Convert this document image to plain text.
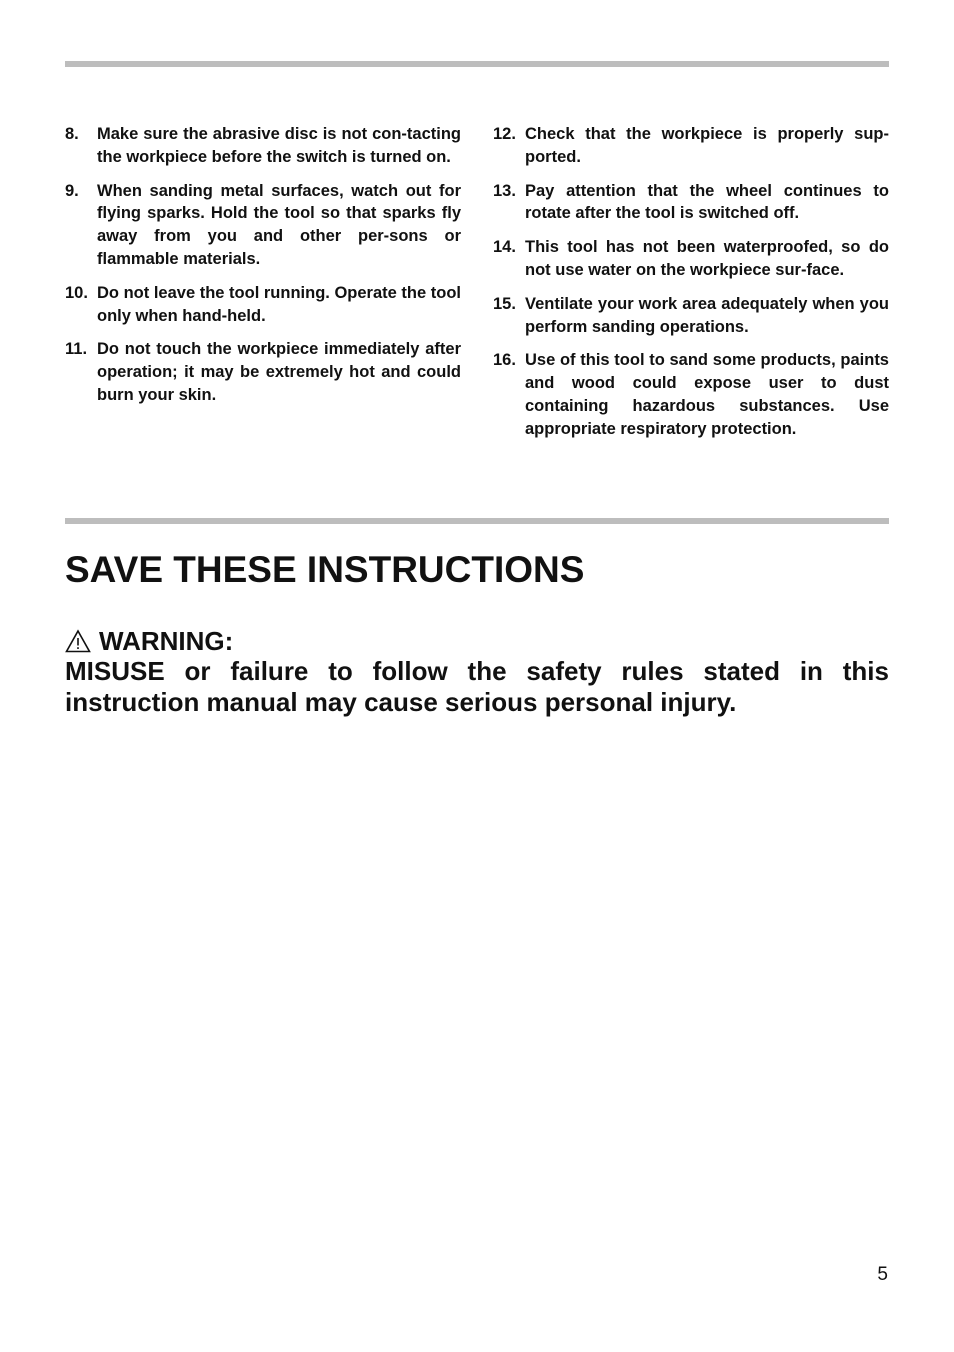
8.	Make sure the abrasive disc is not con-tacting the workpiece before the switch is turned on.
9.	When sanding metal surfaces, watch out for flying sparks. Hold the tool so that sparks fly away from you and other per-sons or flammable materials.
10. Do not leave the tool running. Operate the tool only when hand-held.
11. Do not touch the workpiece immediately after operation; it may be extremely hot and could burn your skin.
12. Check that the workpiece is properly sup-ported.
13. Pay attention that the wheel continues to rotate after the tool is switched off.
14. This tool has not been waterproofed, so do not use water on the workpiece sur-face.
15. Ventilate your work area adequately when you perform sanding operations.
16. Use of this tool to sand some products, paints and wood could expose user to dust containing hazardous substances. Use appropriate respiratory protection.
SAVE THESE INSTRUCTIONS
WARNING:
MISUSE or failure to follow the safety rules stated in this instruction manual may cause serious personal injury.
5
